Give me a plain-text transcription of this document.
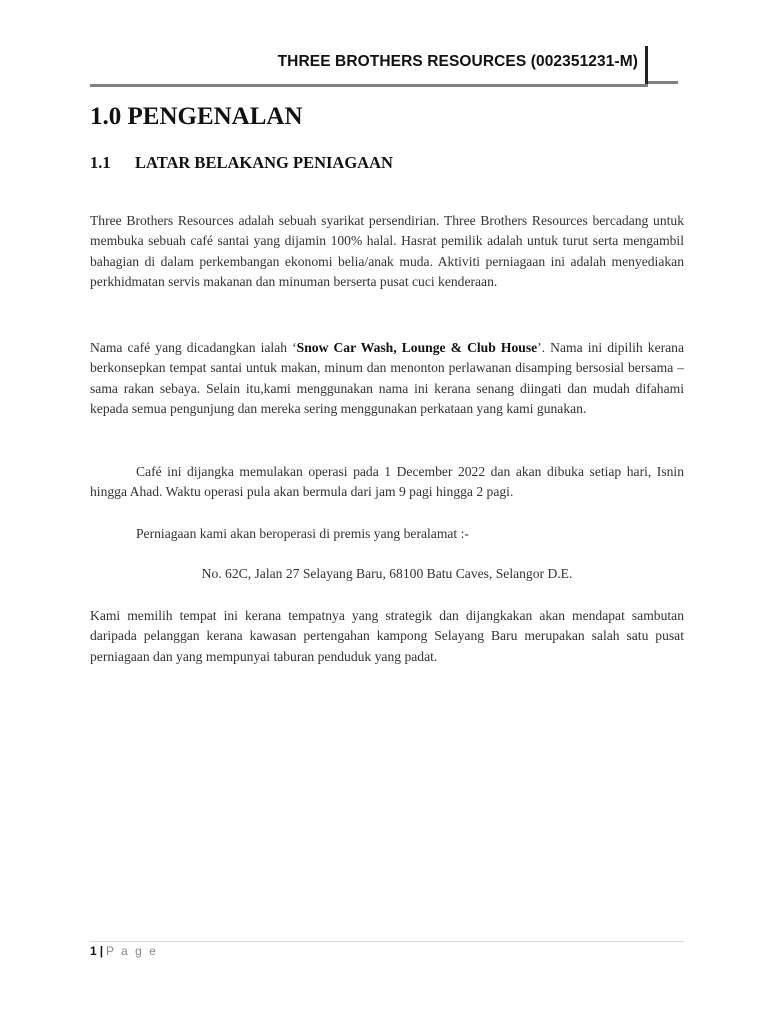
THREE BROTHERS RESOURCES (002351231-M)
1.0 PENGENALAN
1.1 LATAR BELAKANG PENIAGAAN

Three Brothers Resources adalah sebuah syarikat persendirian. Three Brothers Resources bercadang untuk membuka sebuah café santai yang dijamin 100% halal. Hasrat pemilik adalah untuk turut serta mengambil bahagian di dalam perkembangan ekonomi belia/anak muda. Aktiviti perniagaan ini adalah menyediakan perkhidmatan servis makanan dan minuman berserta pusat cuci kenderaan.

Nama café yang dicadangkan ialah ‘Snow Car Wash, Lounge & Club House’. Nama ini dipilih kerana berkonsepkan tempat santai untuk makan, minum dan menonton perlawanan disamping bersosial bersama – sama rakan sebaya. Selain itu,kami menggunakan nama ini kerana senang diingati dan mudah difahami kepada semua pengunjung dan mereka sering menggunakan perkataan yang kami gunakan.

Café ini dijangka memulakan operasi pada 1 December 2022 dan akan dibuka setiap hari, Isnin hingga Ahad. Waktu operasi pula akan bermula dari jam 9 pagi hingga 2 pagi.

Perniagaan kami akan beroperasi di premis yang beralamat :-

No. 62C, Jalan 27 Selayang Baru, 68100 Batu Caves, Selangor D.E.

Kami memilih tempat ini kerana tempatnya yang strategik dan dijangkakan akan mendapat sambutan daripada pelanggan kerana kawasan pertengahan kampong Selayang Baru merupakan salah satu pusat perniagaan dan yang mempunyai taburan penduduk yang padat.

1 | P a g e
